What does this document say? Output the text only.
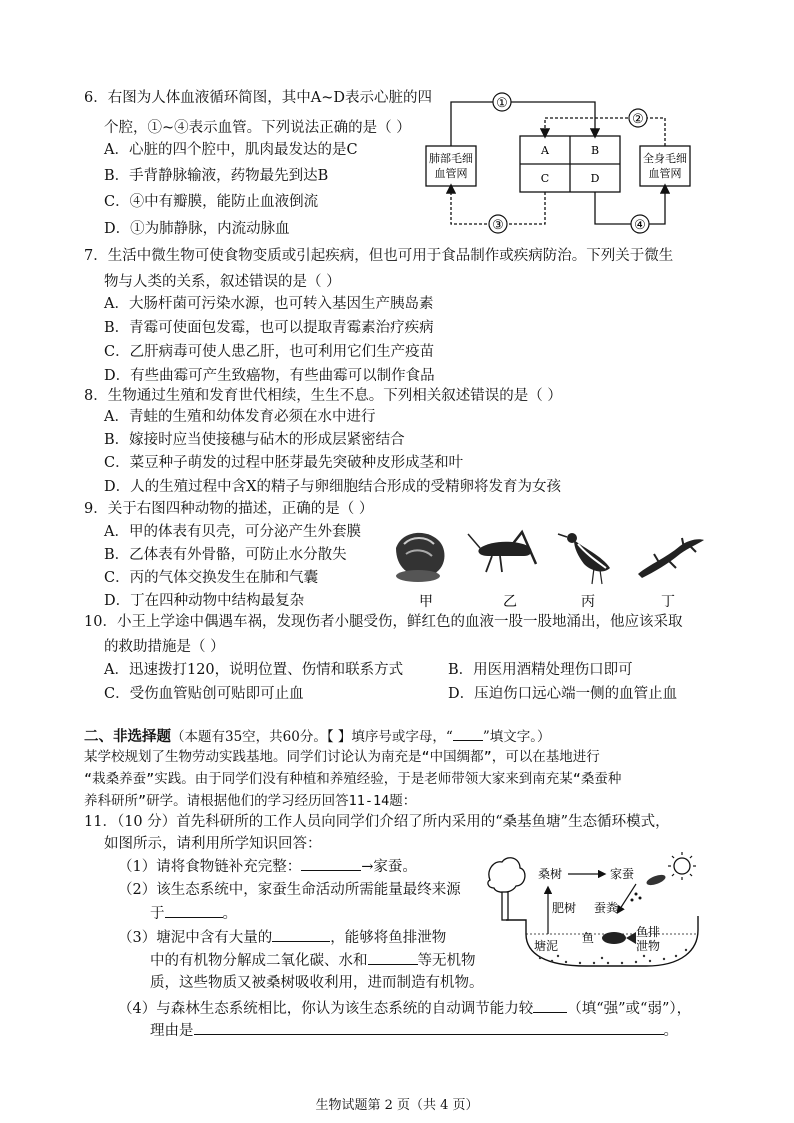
6．右图为人体血液循环简图，其中A~D表示心脏的四
个腔，①~④表示血管。下列说法正确的是（ ）
A．心脏的四个腔中，肌肉最发达的是C
B．手背静脉输液，药物最先到达B
C．④中有瓣膜，能防止血液倒流
D．①为肺静脉，内流动脉血
肺部毛细
血管网
全身毛细
血管网
A	B
C	D
①
②
③	④
7．生活中微生物可使食物变质或引起疾病，但也可用于食品制作或疾病防治。下列关于微生
物与人类的关系，叙述错误的是（ ）
A．大肠杆菌可污染水源，也可转入基因生产胰岛素
B．青霉可使面包发霉，也可以提取青霉素治疗疾病
C．乙肝病毒可使人患乙肝，也可利用它们生产疫苗
D．有些曲霉可产生致癌物，有些曲霉可以制作食品
8．生物通过生殖和发育世代相续，生生不息。下列相关叙述错误的是（ ）
A．青蛙的生殖和幼体发育必须在水中进行
B．嫁接时应当使接穗与砧木的形成层紧密结合
C．菜豆种子萌发的过程中胚芽最先突破种皮形成茎和叶
D．人的生殖过程中含X的精子与卵细胞结合形成的受精卵将发育为女孩
9．关于右图四种动物的描述，正确的是（ ）
A．甲的体表有贝壳，可分泌产生外套膜
B．乙体表有外骨骼，可防止水分散失
C．丙的气体交换发生在肺和气囊
D．丁在四种动物中结构最复杂	甲	乙	丙	丁
10．小王上学途中偶遇车祸，发现伤者小腿受伤，鲜红色的血液一股一股地涌出，他应该采取
的救助措施是（ ）
A．迅速拨打120，说明位置、伤情和联系方式	B．用医用酒精处理伤口即可
C．受伤血管贴创可贴即可止血	D．压迫伤口远心端一侧的血管止血
二、非选择题（本题有35空，共60分。【 】填序号或字母，“ ”填文字。）
某学校规划了生物劳动实践基地。同学们讨论认为南充是“中国绸都”，可以在基地进行
“栽桑养蚕”实践。由于同学们没有种植和养殖经验，于是老师带领大家来到南充某“桑蚕种
养科研所”研学。请根据他们的学习经历回答11-14题：
11．（10 分）首先科研所的工作人员向同学们介绍了所内采用的“桑基鱼塘”生态循环模式，
如图所示，请利用所学知识回答：
（1）请将食物链补充完整：	→家蚕。
（2）该生态系统中，家蚕生命活动所需能量最终来源
于	。
（3）塘泥中含有大量的	，能够将鱼排泄物
中的有机物分解成二氧化碳、水和	等无机物
质，这些物质又被桑树吸收利用，进而制造有机物。
（4）与森林生态系统相比，你认为该生态系统的自动调节能力较 （填“强”或“弱”），
理由是	。
桑树	家蚕
肥树 蚕粪
塘泥
鱼	鱼排
泄物
生物试题第 2 页（共 4 页）
